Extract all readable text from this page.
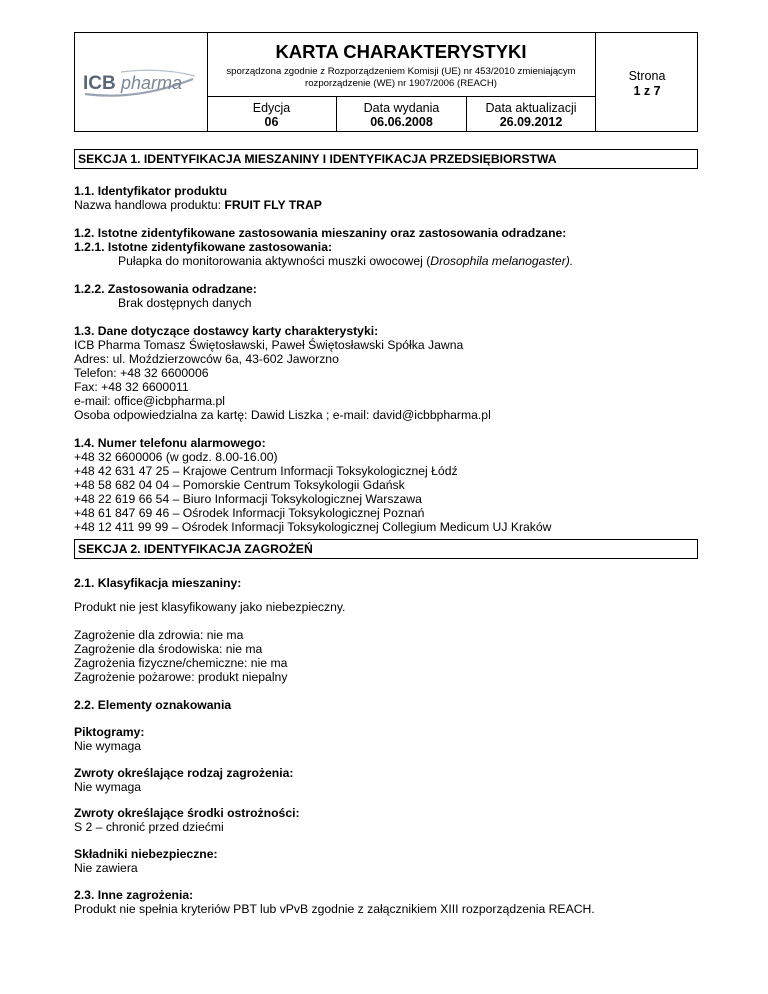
ICB pharma
KARTA CHARAKTERYSTYKI
sporządzona zgodnie z Rozporządzeniem Komisji (UE) nr 453/2010 zmieniającym
rozporządzenie (WE) nr 1907/2006 (REACH)
Edycja
06
Data wydania
06.06.2008
Data aktualizacji
26.09.2012
Strona
1 z 7
SEKCJA 1. IDENTYFIKACJA MIESZANINY I IDENTYFIKACJA PRZEDSIĘBIORSTWA
1.1. Identyfikator produktu
Nazwa handlowa produktu: FRUIT FLY TRAP
1.2. Istotne zidentyfikowane zastosowania mieszaniny oraz zastosowania odradzane:
1.2.1. Istotne zidentyfikowane zastosowania:
Pułapka do monitorowania aktywności muszki owocowej (Drosophila melanogaster).
1.2.2. Zastosowania odradzane:
Brak dostępnych danych
1.3. Dane dotyczące dostawcy karty charakterystyki:
ICB Pharma Tomasz Świętosławski, Paweł Świętosławski Spółka Jawna
Adres: ul. Moździerzowców 6a, 43-602 Jaworzno
Telefon: +48 32 6600006
Fax: +48 32 6600011
e-mail: office@icbpharma.pl
Osoba odpowiedzialna za kartę: Dawid Liszka ; e-mail: david@icbbpharma.pl
1.4. Numer telefonu alarmowego:
+48 32 6600006 (w godz. 8.00-16.00)
+48 42 631 47 25 – Krajowe Centrum Informacji Toksykologicznej Łódź
+48 58 682 04 04 – Pomorskie Centrum Toksykologii Gdańsk
+48 22 619 66 54 – Biuro Informacji Toksykologicznej Warszawa
+48 61 847 69 46 – Ośrodek Informacji Toksykologicznej Poznań
+48 12 411 99 99 – Ośrodek Informacji Toksykologicznej Collegium Medicum UJ Kraków
SEKCJA 2. IDENTYFIKACJA ZAGROŻEŃ
2.1. Klasyfikacja mieszaniny:
Produkt nie jest klasyfikowany jako niebezpieczny.
Zagrożenie dla zdrowia: nie ma
Zagrożenie dla środowiska: nie ma
Zagrożenia fizyczne/chemiczne: nie ma
Zagrożenie pożarowe: produkt niepalny
2.2. Elementy oznakowania
Piktogramy:
Nie wymaga
Zwroty określające rodzaj zagrożenia:
Nie wymaga
Zwroty określające środki ostrożności:
S 2 – chronić przed dziećmi
Składniki niebezpieczne:
Nie zawiera
2.3. Inne zagrożenia:
Produkt nie spełnia kryteriów PBT lub vPvB zgodnie z załącznikiem XIII rozporządzenia REACH.
